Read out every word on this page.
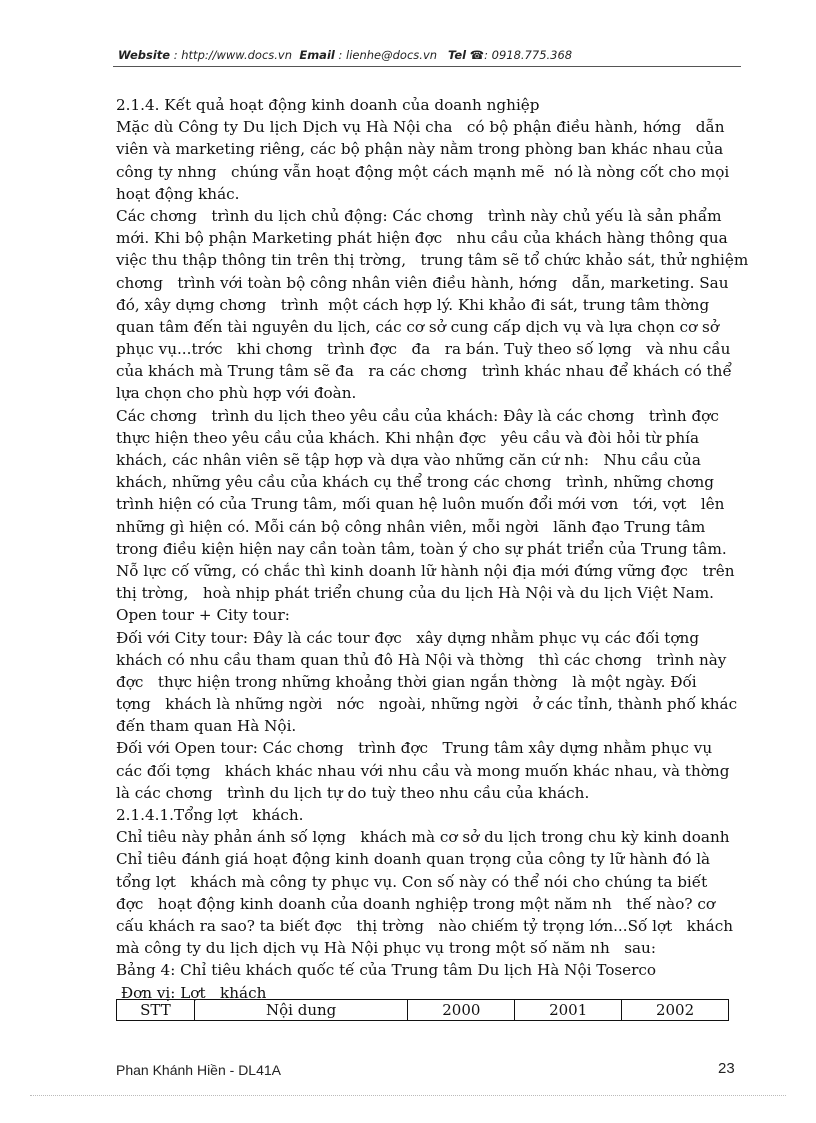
Website : http://www.docs.vn Email : lienhe@docs.vn Tel ☎: 0918.775.368
2.1.4. Kết quả hoạt động kinh doanh của doanh nghiệp
Mặc dù Công ty Du lịch Dịch vụ Hà Nội cha   có bộ phận điều hành, hớng   dẫn
viên và marketing riêng, các bộ phận này nằm trong phòng ban khác nhau của
công ty nhng   chúng vẫn hoạt động một cách mạnh mẽ  nó là nòng cốt cho mọi
hoạt động khác.
Các chơng   trình du lịch chủ động: Các chơng   trình này chủ yếu là sản phẩm
mới. Khi bộ phận Marketing phát hiện đợc   nhu cầu của khách hàng thông qua
việc thu thập thông tin trên thị trờng,   trung tâm sẽ tổ chức khảo sát, thử nghiệm
chơng   trình với toàn bộ công nhân viên điều hành, hớng   dẫn, marketing. Sau
đó, xây dựng chơng   trình  một cách hợp lý. Khi khảo đi sát, trung tâm thờng
quan tâm đến tài nguyên du lịch, các cơ sở cung cấp dịch vụ và lựa chọn cơ sở
phục vụ...trớc   khi chơng   trình đợc   đa   ra bán. Tuỳ theo số lợng   và nhu cầu
của khách mà Trung tâm sẽ đa   ra các chơng   trình khác nhau để khách có thể
lựa chọn cho phù hợp với đoàn.
Các chơng   trình du lịch theo yêu cầu của khách: Đây là các chơng   trình đợc
thực hiện theo yêu cầu của khách. Khi nhận đợc   yêu cầu và đòi hỏi từ phía
khách, các nhân viên sẽ tập hợp và dựa vào những căn cứ nh:   Nhu cầu của
khách, những yêu cầu của khách cụ thể trong các chơng   trình, những chơng
trình hiện có của Trung tâm, mối quan hệ luôn muốn đổi mới vơn   tới, vợt   lên
những gì hiện có. Mỗi cán bộ công nhân viên, mỗi ngời   lãnh đạo Trung tâm
trong điều kiện hiện nay cần toàn tâm, toàn ý cho sự phát triển của Trung tâm.
Nỗ lực cố vững, có chắc thì kinh doanh lữ hành nội địa mới đứng vững đợc   trên
thị trờng,   hoà nhịp phát triển chung của du lịch Hà Nội và du lịch Việt Nam.
Open tour + City tour:
Đối với City tour: Đây là các tour đợc   xây dựng nhằm phục vụ các đối tợng
khách có nhu cầu tham quan thủ đô Hà Nội và thờng   thì các chơng   trình này
đợc   thực hiện trong những khoảng thời gian ngắn thờng   là một ngày. Đối
tợng   khách là những ngời   nớc   ngoài, những ngời   ở các tỉnh, thành phố khác
đến tham quan Hà Nội.
Đối với Open tour: Các chơng   trình đợc   Trung tâm xây dựng nhằm phục vụ
các đối tợng   khách khác nhau với nhu cầu và mong muốn khác nhau, và thờng
là các chơng   trình du lịch tự do tuỳ theo nhu cầu của khách.
2.1.4.1.Tổng lợt   khách.
Chỉ tiêu này phản ánh số lợng   khách mà cơ sở du lịch trong chu kỳ kinh doanh
Chỉ tiêu đánh giá hoạt động kinh doanh quan trọng của công ty lữ hành đó là
tổng lợt   khách mà công ty phục vụ. Con số này có thể nói cho chúng ta biết
đợc   hoạt động kinh doanh của doanh nghiệp trong một năm nh   thế nào? cơ
cấu khách ra sao? ta biết đợc   thị trờng   nào chiếm tỷ trọng lớn...Số lợt   khách
mà công ty du lịch dịch vụ Hà Nội phục vụ trong một số năm nh   sau:
Bảng 4: Chỉ tiêu khách quốc tế của Trung tâm Du lịch Hà Nội Toserco
Đơn vị: Lợt   khách
STT	Nội dung	2000	2001	2002
Phan Khánh Hiền - DL41A	23
